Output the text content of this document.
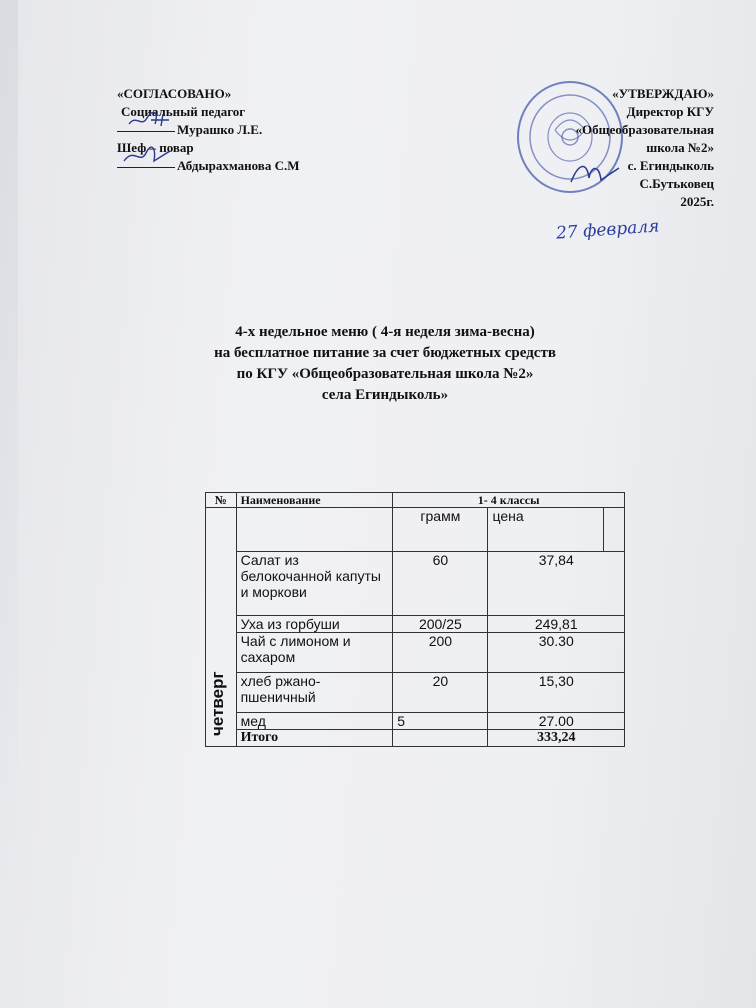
«СОГЛАСОВАНО»
Социальный педагог
Мурашко Л.Е.
Шеф – повар
Абдырахманова С.М
«УТВЕРЖДАЮ»
Директор КГУ
«Общеобразовательная
школа №2»
с. Егиндыколь
С.Бутьковец
2025г.
27 февраля
4-х недельное меню ( 4-я неделя зима-весна)
на бесплатное питание за счет бюджетных средств
по КГУ «Общеобразовательная школа №2»
села Егиндыколь»
№	Наименование	1- 4 классы		

четверг		грамм	цена	
	Салат из белокочанной капуты и моркови	60	37,84	
	Уха из горбуши	200/25	249,81	
	Чай с лимоном и сахаром	200	30.30	
	хлеб ржано-пшеничный	20	15,30	
	мед	5	27.00	
	Итого		333,24	
